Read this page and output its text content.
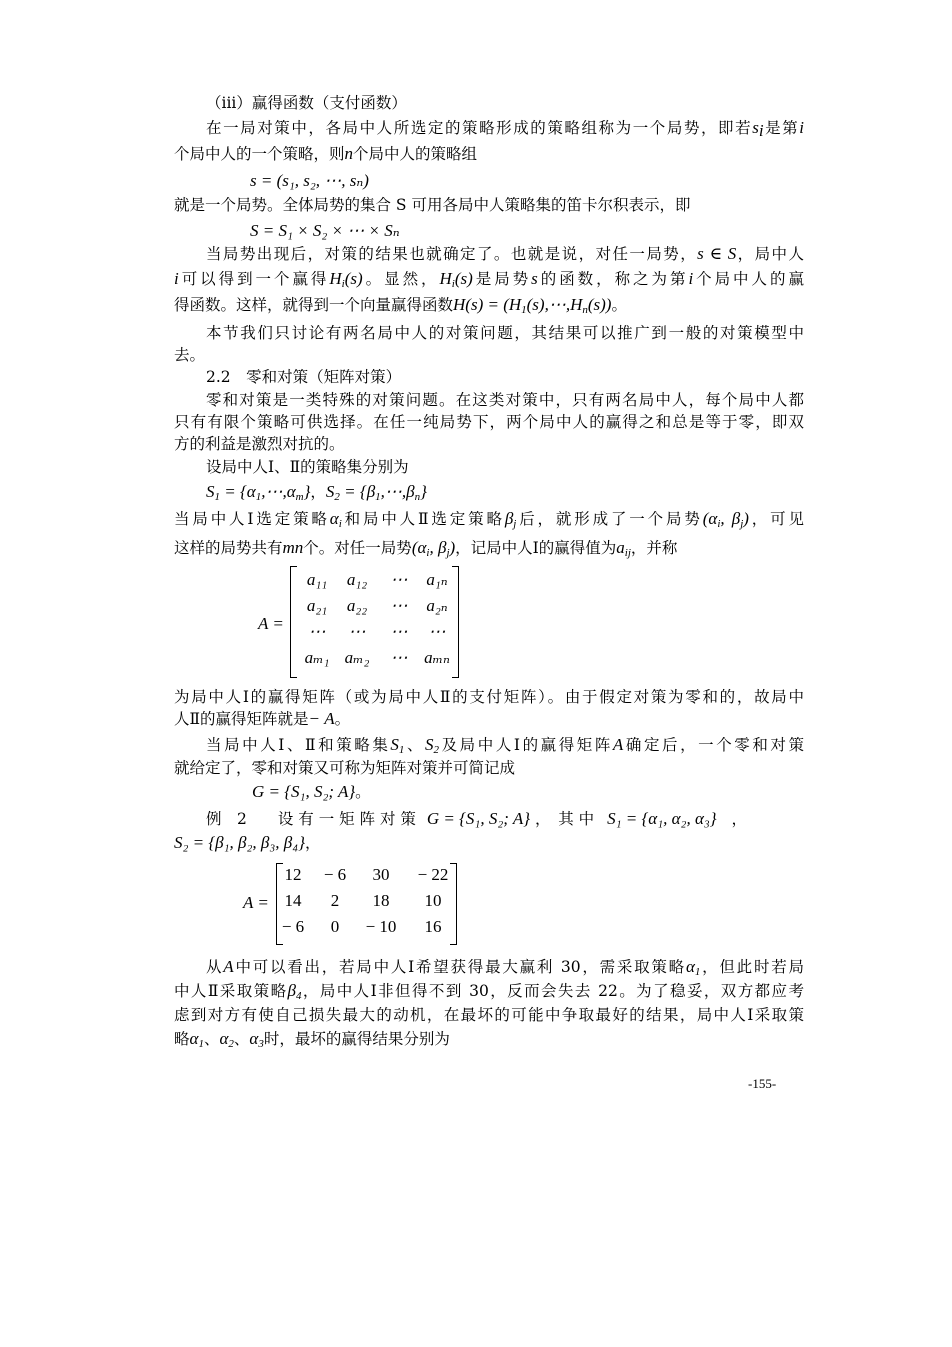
（iii）赢得函数（支付函数）
在一局对策中，各局中人所选定的策略形成的策略组称为一个局势，即若$s_i$是第i
个局中人的一个策略，则n个局中人的策略组
s = (s₁, s₂, ⋯, sₙ)
就是一个局势。全体局势的集合 S 可用各局中人策略集的笛卡尔积表示，即
S = S₁ × S₂ × ⋯ × Sₙ
当局势出现后，对策的结果也就确定了。也就是说，对任一局势，s ∈ S，局中人
i可以得到一个赢得$H_i(s)$。显然，$H_i(s)$是局势s的函数，称之为第i个局中人的赢
得函数。这样，就得到一个向量赢得函数$H(s) = (H_1(s),\cdots,H_n(s))$。
本节我们只讨论有两名局中人的对策问题，其结果可以推广到一般的对策模型中
去。
2.2　零和对策（矩阵对策）
零和对策是一类特殊的对策问题。在这类对策中，只有两名局中人，每个局中人都
只有有限个策略可供选择。在任一纯局势下，两个局中人的赢得之和总是等于零，即双
方的利益是激烈对抗的。
设局中人Ⅰ、Ⅱ的策略集分别为
$S_1$ = $\{\alpha_1,\cdots,\alpha_m\}$，$S_2$ = $\{\beta_1,\cdots,\beta_n\}$
当局中人Ⅰ选定策略$\alpha_i$和局中人Ⅱ选定策略$\beta_j$后，就形成了一个局势($\alpha_i$, $\beta_j$)，可见
这样的局势共有mn个。对任一局势($\alpha_i$, $\beta_j$)，记局中人Ⅰ的赢得值为$a_{ij}$，并称
A =
a₁₁	a₁₂	⋯	a₁ₙ
a₂₁	a₂₂	⋯	a₂ₙ
⋯	⋯	⋯	⋯
aₘ₁ aₘ₂	⋯ aₘₙ
为局中人Ⅰ的赢得矩阵（或为局中人Ⅱ的支付矩阵）。由于假定对策为零和的，故局中
人Ⅱ的赢得矩阵就是− A。
当局中人Ⅰ、Ⅱ和策略集$S_1$、$S_2$及局中人Ⅰ的赢得矩阵A确定后，一个零和对策
就给定了，零和对策又可称为矩阵对策并可简记成
G = {S₁, S₂; A}。
例　2　　设 有 一 矩 阵 对 策 G = {S₁, S₂; A} ，　其 中 S₁ = {α₁, α₂, α₃} ，
S₂ = {β₁, β₂, β₃, β₄}，
A =
12	− 6	30	− 22
14	2	18	10
− 6	0	− 10	16
从A中可以看出，若局中人Ⅰ希望获得最大赢利 30，需采取策略$\alpha_1$，但此时若局
中人Ⅱ采取策略$\beta_4$，局中人Ⅰ非但得不到 30，反而会失去 22。为了稳妥，双方都应考
虑到对方有使自己损失最大的动机，在最坏的可能中争取最好的结果，局中人Ⅰ采取策
略$\alpha_1$、$\alpha_2$、$\alpha_3$时，最坏的赢得结果分别为
-155-
